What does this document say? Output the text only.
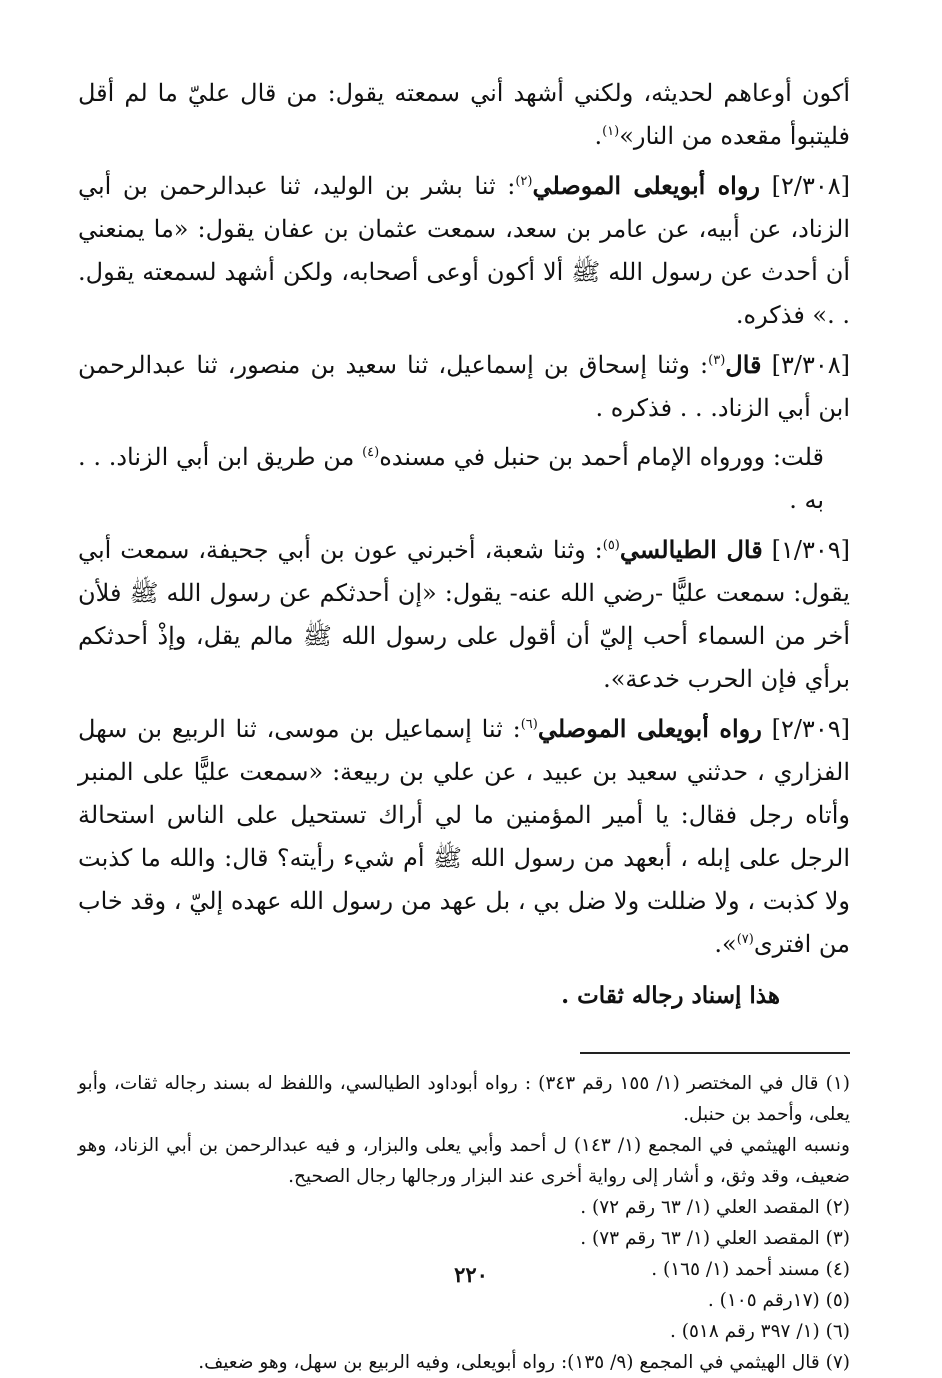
أكون أوعاهم لحديثه، ولكني أشهد أني سمعته يقول: من قال عليّ ما لم أقل فليتبوأ مقعده من النار»$^{(١)}$.

[٢/٣٠٨] رواه أبويعلى الموصلي$^{(٢)}$: ثنا بشر بن الوليد، ثنا عبدالرحمن بن أبي الزناد، عن أبيه، عن عامر بن سعد، سمعت عثمان بن عفان يقول: «ما يمنعني أن أحدث عن رسول الله ﷺ ألا أكون أوعى أصحابه، ولكن أشهد لسمعته يقول. . .» فذكره.

[٣/٣٠٨] قال$^{(٣)}$: وثنا إسحاق بن إسماعيل، ثنا سعيد بن منصور، ثنا عبدالرحمن ابن أبي الزناد. . . فذكره .

قلت: وورواه الإمام أحمد بن حنبل في مسنده$^{(٤)}$ من طريق ابن أبي الزناد. . . به .

[١/٣٠٩] قال الطيالسي$^{(٥)}$: وثنا شعبة، أخبرني عون بن أبي جحيفة، سمعت أبي يقول: سمعت عليًّا -رضي الله عنه- يقول: «إن أحدثكم عن رسول الله ﷺ فلأن أخر من السماء أحب إليّ أن أقول على رسول الله ﷺ مالم يقل، وإذْ أحدثكم برأي فإن الحرب خدعة».

[٢/٣٠٩] رواه أبويعلى الموصلي$^{(٦)}$: ثنا إسماعيل بن موسى، ثنا الربيع بن سهل الفزاري ، حدثني سعيد بن عبيد ، عن علي بن ربيعة: «سمعت عليًّا على المنبر وأتاه رجل فقال: يا أمير المؤمنين ما لي أراك تستحيل على الناس استحالة الرجل على إبله ، أبعهد من رسول الله ﷺ أم شيء رأيته؟ قال: والله ما كذبت ولا كذبت ، ولا ضللت ولا ضل بي ، بل عهد من رسول الله عهده إليّ ، وقد خاب من افترى$^{(٧)}$».

هذا إسناد رجاله ثقات .

(١) قال في المختصر (١/ ١٥٥ رقم ٣٤٣) : رواه أبوداود الطيالسي، واللفظ له بسند رجاله ثقات، وأبو يعلى، وأحمد بن حنبل.

ونسبه الهيثمي في المجمع (١/ ١٤٣) ل أحمد وأبي يعلى والبزار، و فيه عبدالرحمن بن أبي الزناد، وهو ضعيف، وقد وثق، و أشار إلى رواية أخرى عند البزار ورجالها رجال الصحيح.

(٢) المقصد العلي (١/ ٦٣ رقم ٧٢) .

(٣) المقصد العلي (١/ ٦٣ رقم ٧٣) .

(٤) مسند أحمد (١/ ١٦٥) .

(٥) (١٧رقم ١٠٥) .

(٦) (١/ ٣٩٧ رقم ٥١٨) .

(٧) قال الهيثمي في المجمع (٩/ ١٣٥): رواه أبويعلى، وفيه الربيع بن سهل، وهو ضعيف.

٢٢٠
